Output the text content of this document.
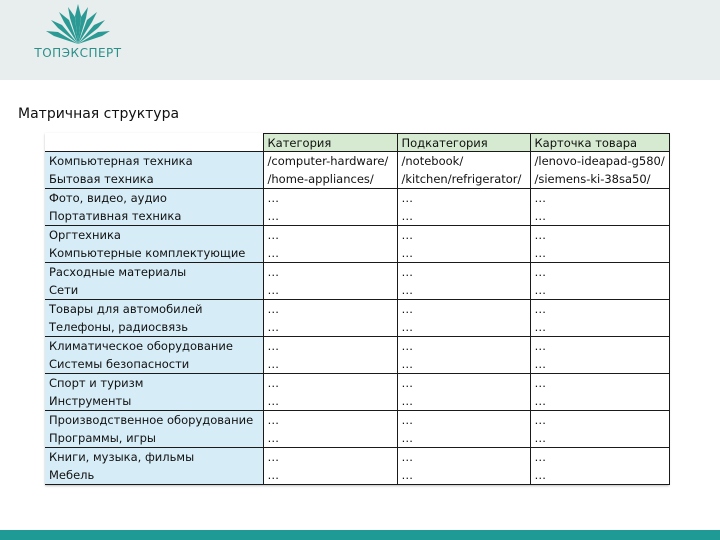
ТОПЭКСПЕРТ
Матричная структура
	Категория	Подкатегория	Карточка товара
Компьютерная техника	/computer-hardware/	/notebook/	/lenovo-ideapad-g580/
Бытовая техника	/home-appliances/	/kitchen/refrigerator/	/siemens-ki-38sa50/
Фото, видео, аудио	…	…	…
Портативная техника	…	…	…
Оргтехника	…	…	…
Компьютерные комплектующие	…	…	…
Расходные материалы	…	…	…
Сети	…	…	…
Товары для автомобилей	…	…	…
Телефоны, радиосвязь	…	…	…
Климатическое оборудование	…	…	…
Системы безопасности	…	…	…
Спорт и туризм	…	…	…
Инструменты	…	…	…
Производственное оборудование	…	…	…
Программы, игры	…	…	…
Книги, музыка, фильмы	…	…	…
Мебель	…	…	…
